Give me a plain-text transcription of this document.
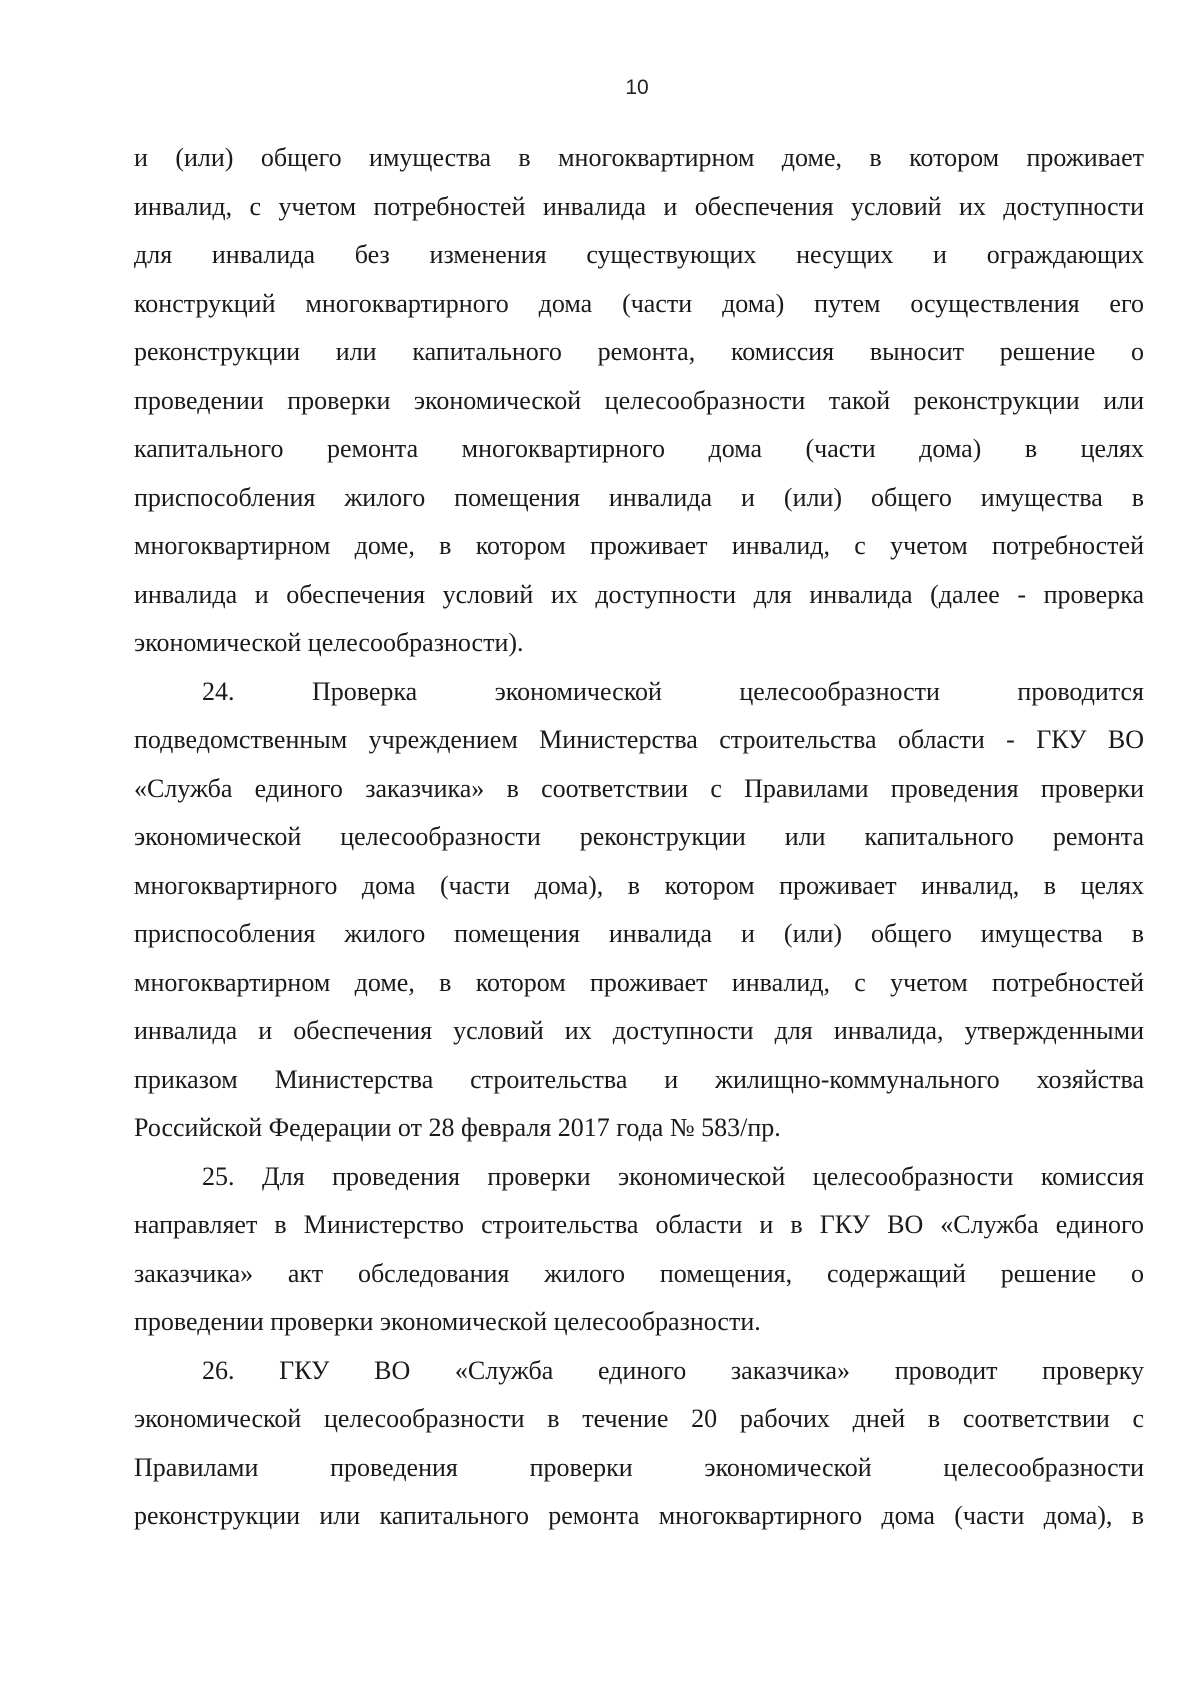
10
и (или) общего имущества в многоквартирном доме, в котором проживает
инвалид, с учетом потребностей инвалида и обеспечения условий их доступности
для инвалида без изменения существующих несущих и ограждающих
конструкций многоквартирного дома (части дома) путем осуществления его
реконструкции или капитального ремонта, комиссия выносит решение о
проведении проверки экономической целесообразности такой реконструкции или
капитального ремонта многоквартирного дома (части дома) в целях
приспособления жилого помещения инвалида и (или) общего имущества в
многоквартирном доме, в котором проживает инвалид, с учетом потребностей
инвалида и обеспечения условий их доступности для инвалида (далее - проверка
экономической целесообразности).
24. Проверка экономической целесообразности проводится
подведомственным учреждением Министерства строительства области - ГКУ ВО
«Служба единого заказчика» в соответствии с Правилами проведения проверки
экономической целесообразности реконструкции или капитального ремонта
многоквартирного дома (части дома), в котором проживает инвалид, в целях
приспособления жилого помещения инвалида и (или) общего имущества в
многоквартирном доме, в котором проживает инвалид, с учетом потребностей
инвалида и обеспечения условий их доступности для инвалида, утвержденными
приказом Министерства строительства и жилищно-коммунального хозяйства
Российской Федерации от 28 февраля 2017 года № 583/пр.
25. Для проведения проверки экономической целесообразности комиссия
направляет в Министерство строительства области и в ГКУ ВО «Служба единого
заказчика» акт обследования жилого помещения, содержащий решение о
проведении проверки экономической целесообразности.
26. ГКУ ВО «Служба единого заказчика» проводит проверку
экономической целесообразности в течение 20 рабочих дней в соответствии с
Правилами проведения проверки экономической целесообразности
реконструкции или капитального ремонта многоквартирного дома (части дома), в
